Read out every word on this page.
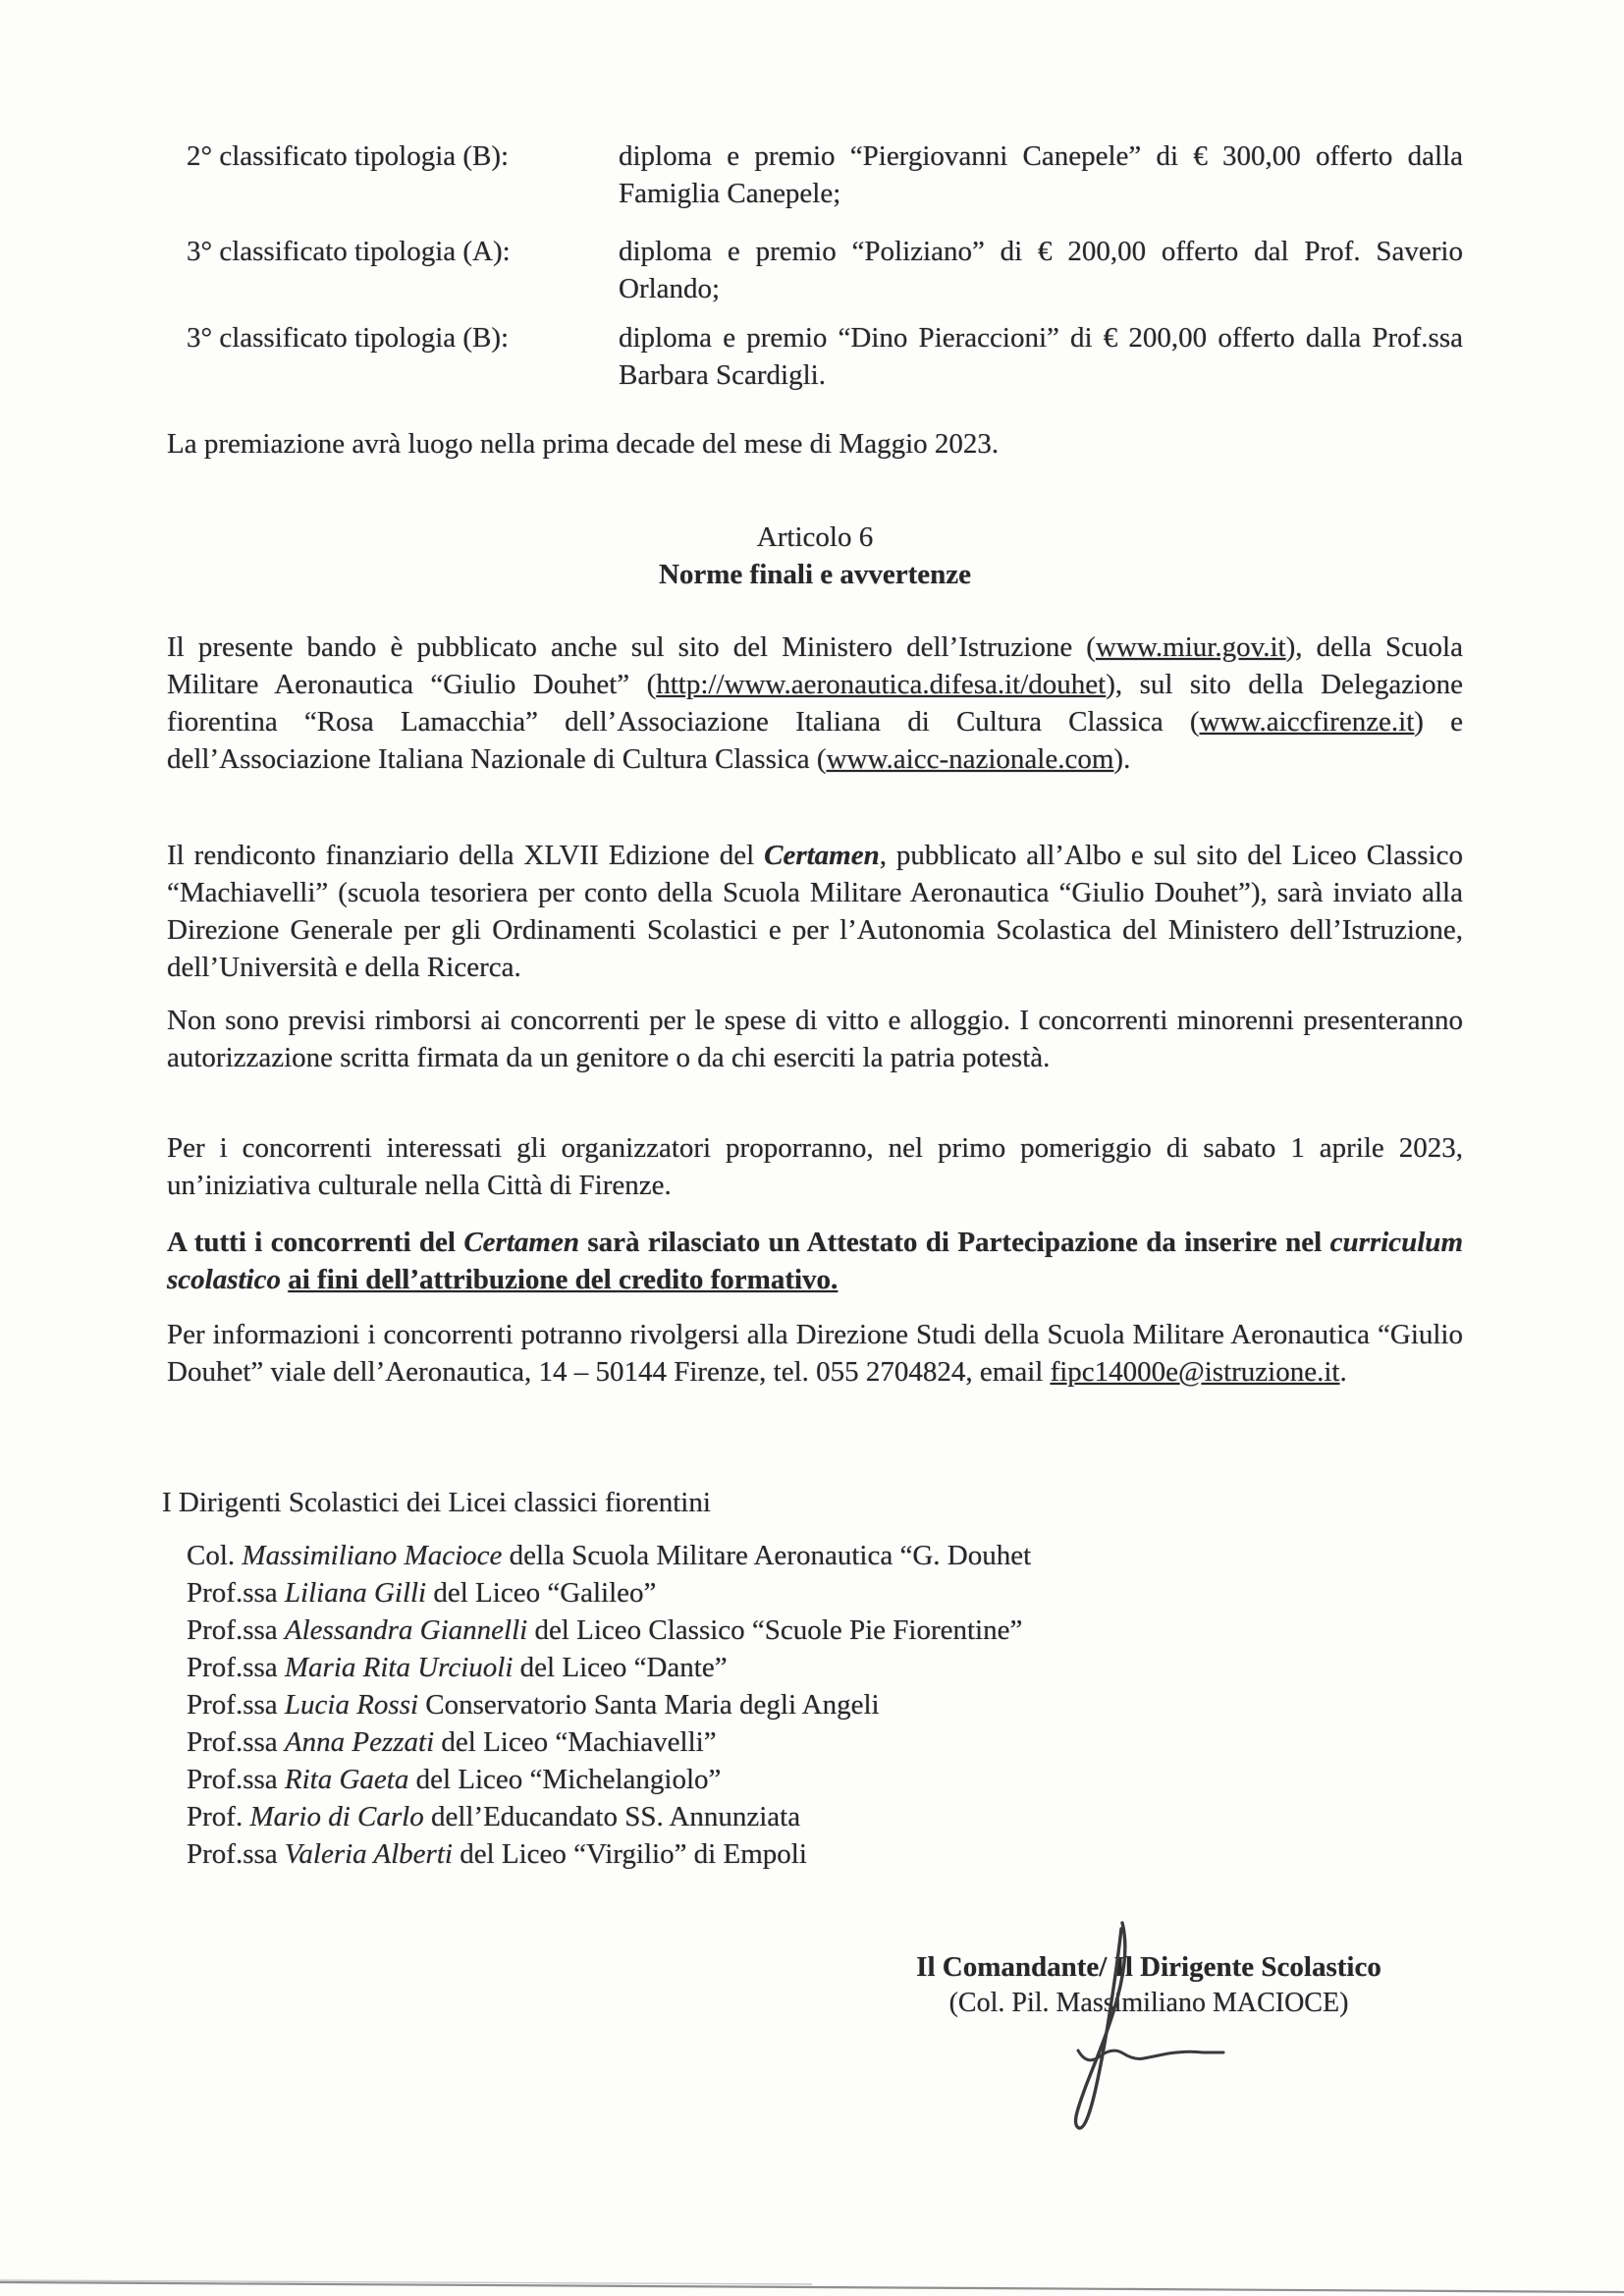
2° classificato tipologia (B):	diploma e premio “Piergiovanni Canepele” di € 300,00 offerto dalla Famiglia Canepele;
3° classificato tipologia (A):	diploma e premio “Poliziano” di € 200,00 offerto dal Prof. Saverio Orlando;
3° classificato tipologia (B):	diploma e premio “Dino Pieraccioni” di € 200,00 offerto dalla Prof.ssa Barbara Scardigli.
La premiazione avrà luogo nella prima decade del mese di Maggio 2023.
Articolo 6
Norme finali e avvertenze
Il presente bando è pubblicato anche sul sito del Ministero dell’Istruzione (www.miur.gov.it), della Scuola Militare Aeronautica “Giulio Douhet” (http://www.aeronautica.difesa.it/douhet), sul sito della Delegazione fiorentina “Rosa Lamacchia” dell’Associazione Italiana di Cultura Classica (www.aiccfirenze.it) e dell’Associazione Italiana Nazionale di Cultura Classica (www.aicc-nazionale.com).
Il rendiconto finanziario della XLVII Edizione del Certamen, pubblicato all’Albo e sul sito del Liceo Classico “Machiavelli” (scuola tesoriera per conto della Scuola Militare Aeronautica “Giulio Douhet”), sarà inviato alla Direzione Generale per gli Ordinamenti Scolastici e per l’Autonomia Scolastica del Ministero dell’Istruzione, dell’Università e della Ricerca.
Non sono previsi rimborsi ai concorrenti per le spese di vitto e alloggio. I concorrenti minorenni presenteranno autorizzazione scritta firmata da un genitore o da chi eserciti la patria potestà.
Per i concorrenti interessati gli organizzatori proporranno, nel primo pomeriggio di sabato 1 aprile 2023, un’iniziativa culturale nella Città di Firenze.
A tutti i concorrenti del Certamen sarà rilasciato un Attestato di Partecipazione da inserire nel curriculum scolastico ai fini dell’attribuzione del credito formativo.
Per informazioni i concorrenti potranno rivolgersi alla Direzione Studi della Scuola Militare Aeronautica “Giulio Douhet” viale dell’Aeronautica, 14 – 50144 Firenze, tel. 055 2704824, email fipc14000e@istruzione.it.
I Dirigenti Scolastici dei Licei classici fiorentini
Col. Massimiliano Macioce della Scuola Militare Aeronautica “G. Douhet
Prof.ssa Liliana Gilli del Liceo “Galileo”
Prof.ssa Alessandra Giannelli del Liceo Classico “Scuole Pie Fiorentine”
Prof.ssa Maria Rita Urciuoli del Liceo “Dante”
Prof.ssa Lucia Rossi Conservatorio Santa Maria degli Angeli
Prof.ssa Anna Pezzati del Liceo “Machiavelli”
Prof.ssa Rita Gaeta del Liceo “Michelangiolo”
Prof. Mario di Carlo dell’Educandato SS. Annunziata
Prof.ssa Valeria Alberti del Liceo “Virgilio” di Empoli
Il Comandante/ Il Dirigente Scolastico
(Col. Pil. Massimiliano MACIOCE)
